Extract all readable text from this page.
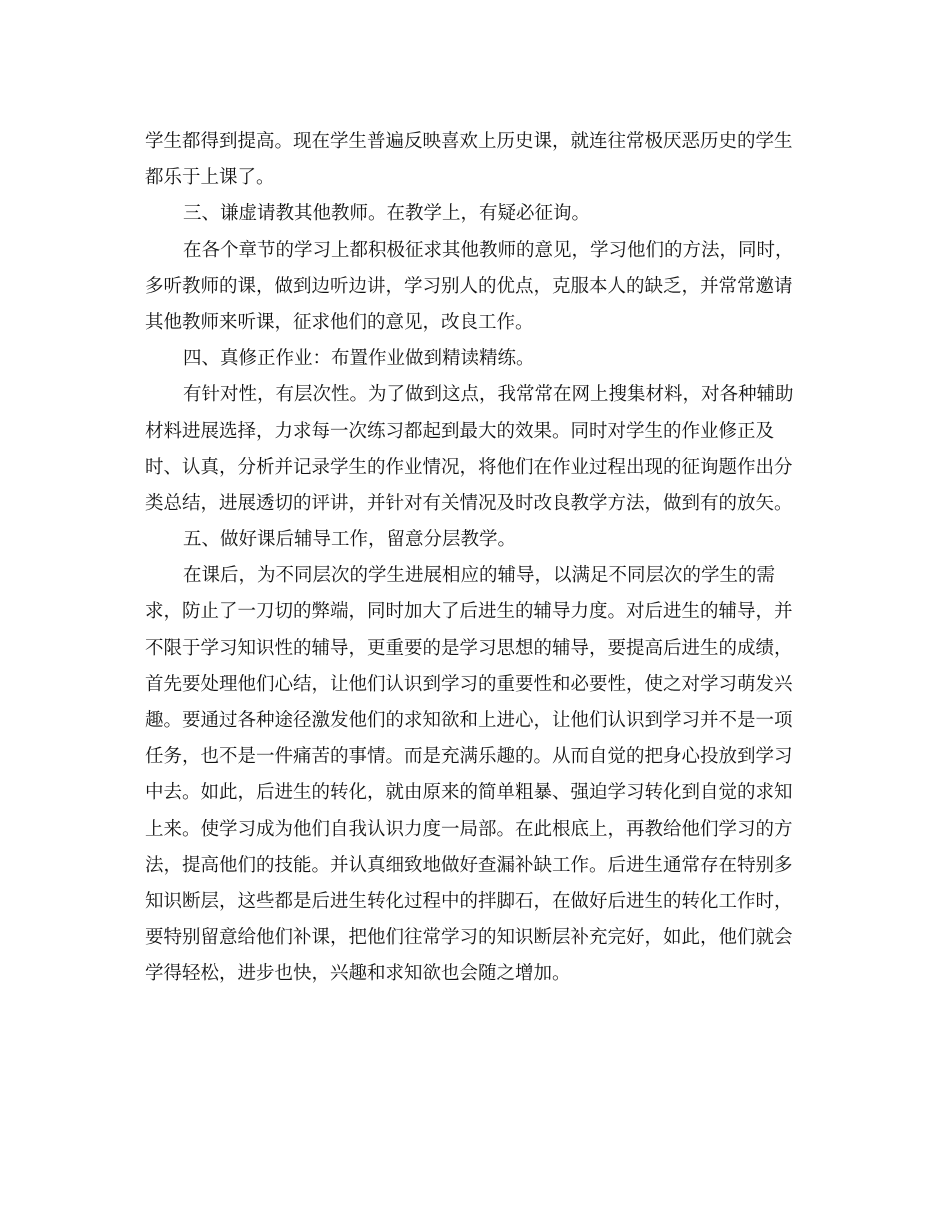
学生都得到提高。现在学生普遍反映喜欢上历史课，就连往常极厌恶历史的学生
都乐于上课了。
三、谦虚请教其他教师。在教学上，有疑必征询。
在各个章节的学习上都积极征求其他教师的意见，学习他们的方法，同时，
多听教师的课，做到边听边讲，学习别人的优点，克服本人的缺乏，并常常邀请
其他教师来听课，征求他们的意见，改良工作。
四、真修正作业：布置作业做到精读精练。
有针对性，有层次性。为了做到这点，我常常在网上搜集材料，对各种辅助
材料进展选择，力求每一次练习都起到最大的效果。同时对学生的作业修正及
时、认真，分析并记录学生的作业情况，将他们在作业过程出现的征询题作出分
类总结，进展透切的评讲，并针对有关情况及时改良教学方法，做到有的放矢。
五、做好课后辅导工作，留意分层教学。
在课后，为不同层次的学生进展相应的辅导，以满足不同层次的学生的需
求，防止了一刀切的弊端，同时加大了后进生的辅导力度。对后进生的辅导，并
不限于学习知识性的辅导，更重要的是学习思想的辅导，要提高后进生的成绩，
首先要处理他们心结，让他们认识到学习的重要性和必要性，使之对学习萌发兴
趣。要通过各种途径激发他们的求知欲和上进心，让他们认识到学习并不是一项
任务，也不是一件痛苦的事情。而是充满乐趣的。从而自觉的把身心投放到学习
中去。如此，后进生的转化，就由原来的简单粗暴、强迫学习转化到自觉的求知
上来。使学习成为他们自我认识力度一局部。在此根底上，再教给他们学习的方
法，提高他们的技能。并认真细致地做好查漏补缺工作。后进生通常存在特别多
知识断层，这些都是后进生转化过程中的拌脚石，在做好后进生的转化工作时，
要特别留意给他们补课，把他们往常学习的知识断层补充完好，如此，他们就会
学得轻松，进步也快，兴趣和求知欲也会随之增加。
